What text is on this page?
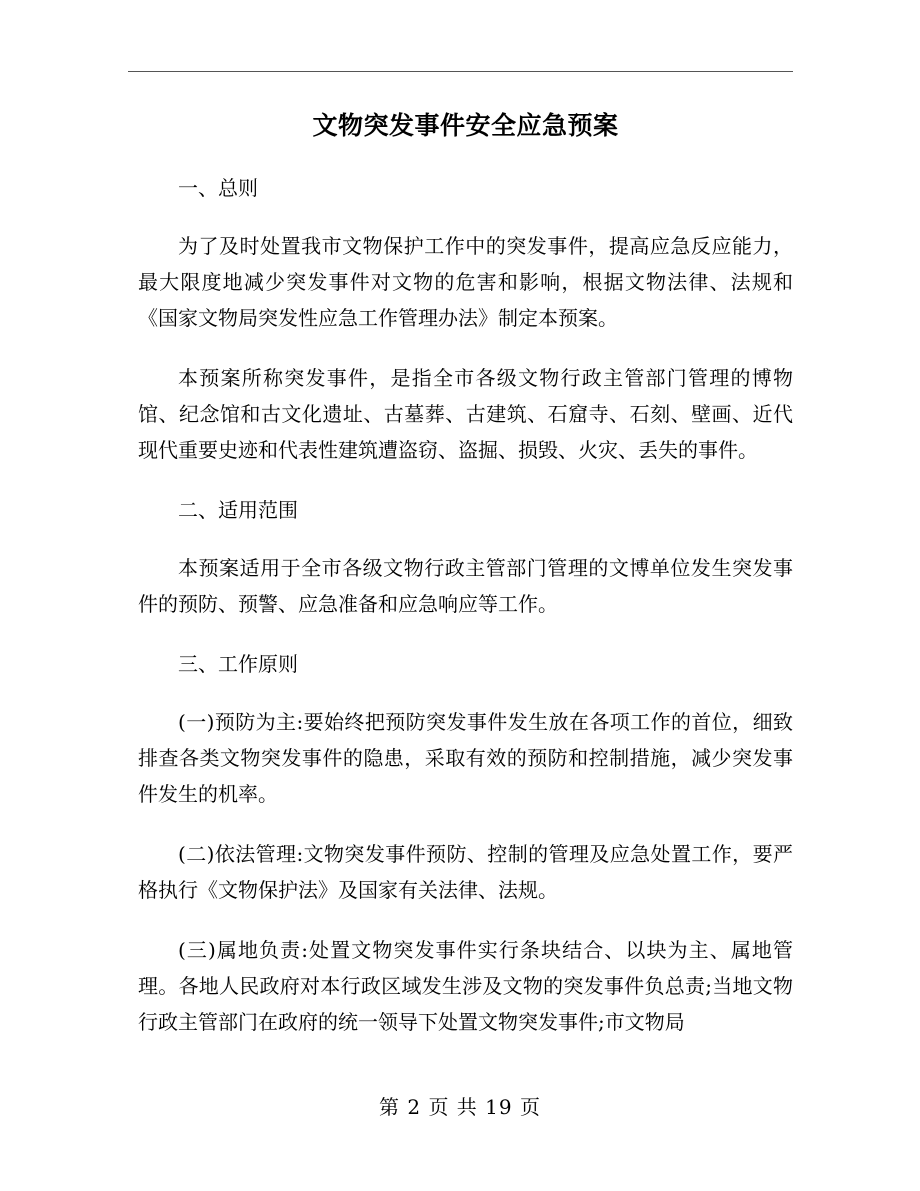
文物突发事件安全应急预案
一、总则
为了及时处置我市文物保护工作中的突发事件，提高应急反应能力，最大限度地减少突发事件对文物的危害和影响，根据文物法律、法规和《国家文物局突发性应急工作管理办法》制定本预案。
本预案所称突发事件，是指全市各级文物行政主管部门管理的博物馆、纪念馆和古文化遗址、古墓葬、古建筑、石窟寺、石刻、壁画、近代现代重要史迹和代表性建筑遭盗窃、盗掘、损毁、火灾、丢失的事件。
二、适用范围
本预案适用于全市各级文物行政主管部门管理的文博单位发生突发事件的预防、预警、应急准备和应急响应等工作。
三、工作原则
(一)预防为主:要始终把预防突发事件发生放在各项工作的首位，细致排查各类文物突发事件的隐患，采取有效的预防和控制措施，减少突发事件发生的机率。
(二)依法管理:文物突发事件预防、控制的管理及应急处置工作，要严格执行《文物保护法》及国家有关法律、法规。
(三)属地负责:处置文物突发事件实行条块结合、以块为主、属地管理。各地人民政府对本行政区域发生涉及文物的突发事件负总责;当地文物行政主管部门在政府的统一领导下处置文物突发事件;市文物局
第 2 页 共 19 页
